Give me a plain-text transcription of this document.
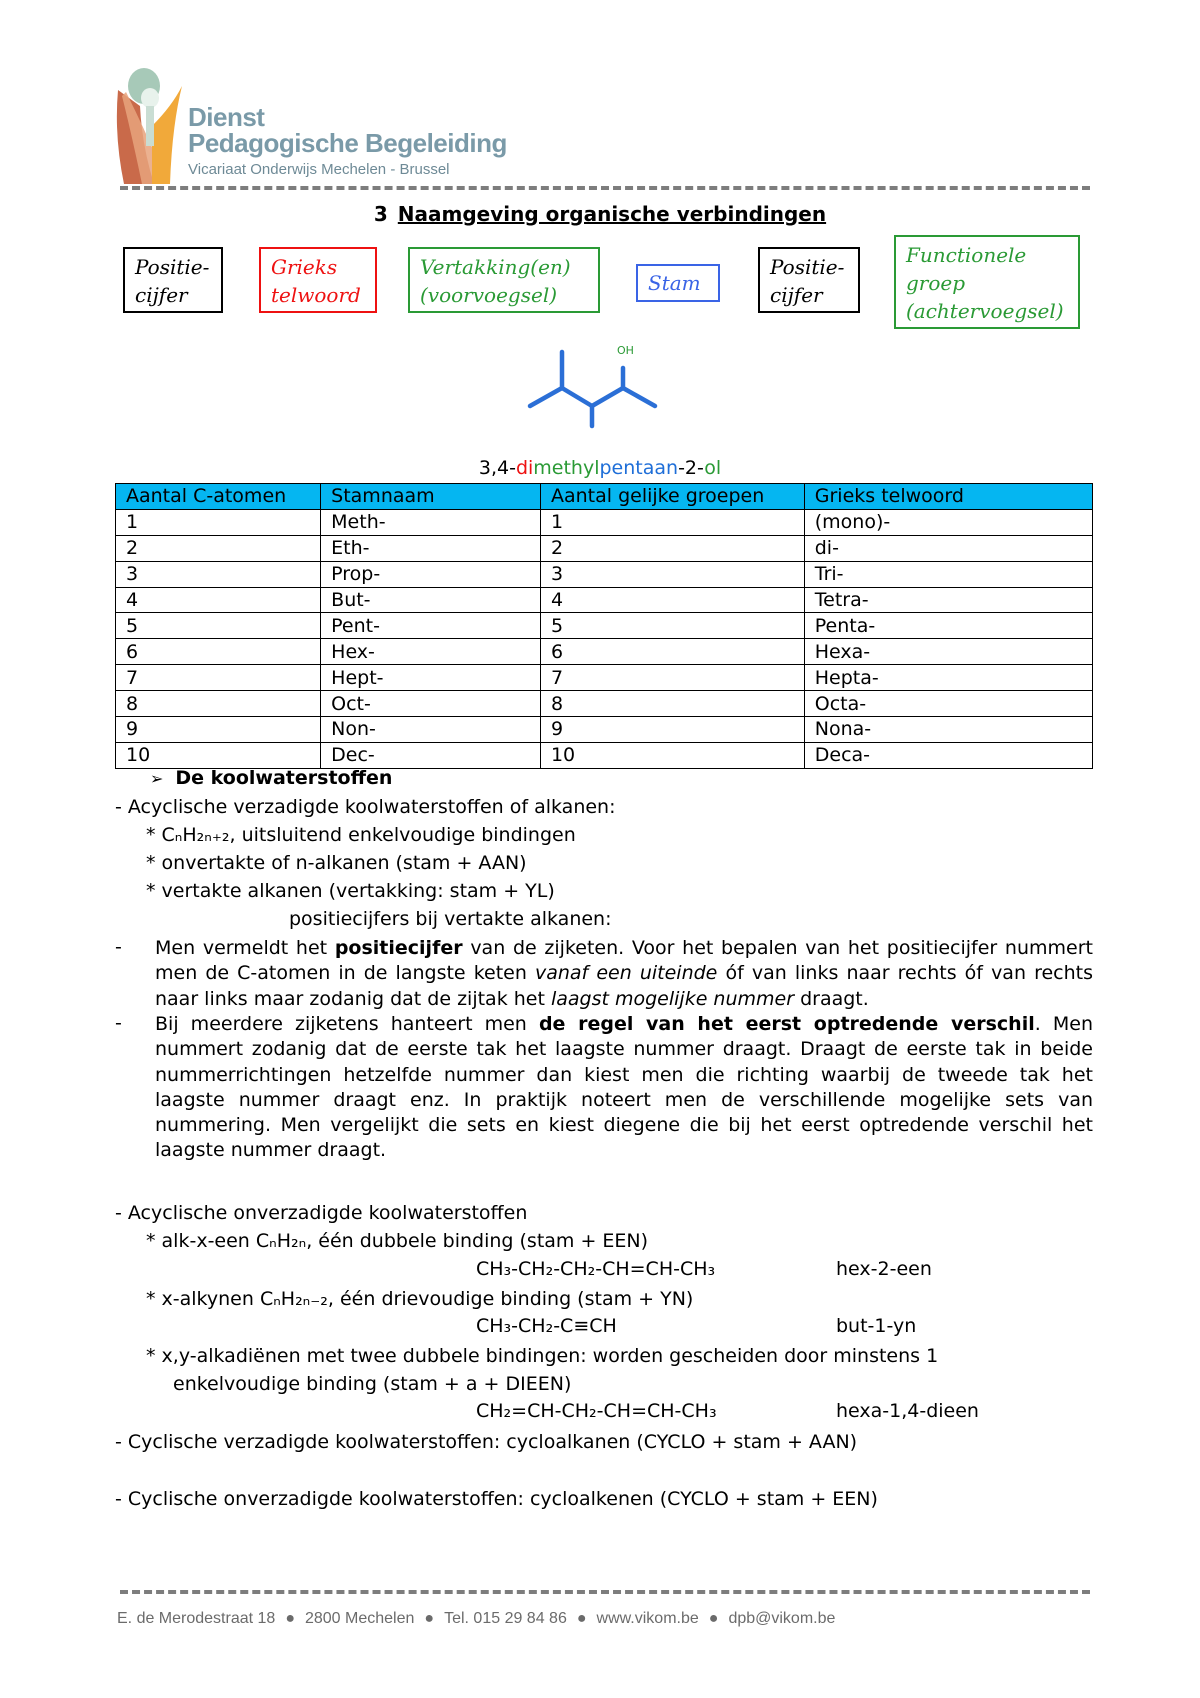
Dienst
Pedagogische Begeleiding
Vicariaat Onderwijs Mechelen - Brussel
3 Naamgeving organische verbindingen
Positie-
cijfer
Grieks
telwoord
Vertakking(en)
(voorvoegsel)	Stam
Positie-
cijfer
Functionele
groep
(achtervoegsel)
OH
3,4-dimethylpentaan-2-ol
Aantal C-atomen	Stamnaam	Aantal gelijke groepen	Grieks telwoord
1	Meth-	1	(mono)-
2	Eth-	2	di-
3	Prop-	3	Tri-
4	But-	4	Tetra-
5	Pent-	5	Penta-
6	Hex-	6	Hexa-
7	Hept-	7	Hepta-
8	Oct-	8	Octa-
9	Non-	9	Nona-
10	Dec-	10	Deca-
➢ De koolwaterstoffen
- Acyclische verzadigde koolwaterstoffen of alkanen:
* CₙH₂ₙ₊₂, uitsluitend enkelvoudige bindingen
* onvertakte of n-alkanen (stam + AAN)
* vertakte alkanen (vertakking: stam + YL)
positiecijfers bij vertakte alkanen:
- Men vermeldt het positiecijfer van de zijketen. Voor het bepalen van het positiecijfer nummert men de C-atomen in de langste keten vanaf een uiteinde óf van links naar rechts óf van rechts naar links maar zodanig dat de zijtak het laagst mogelijke nummer draagt.
- Bij meerdere zijketens hanteert men de regel van het eerst optredende verschil. Men nummert zodanig dat de eerste tak het laagste nummer draagt. Draagt de eerste tak in beide nummerrichtingen hetzelfde nummer dan kiest men die richting waarbij de tweede tak het laagste nummer draagt enz. In praktijk noteert men de verschillende mogelijke sets van nummering. Men vergelijkt die sets en kiest diegene die bij het eerst optredende verschil het laagste nummer draagt.
- Acyclische onverzadigde koolwaterstoffen
* alk-x-een CₙH₂ₙ, één dubbele binding (stam + EEN)
CH₃-CH₂-CH₂-CH=CH-CH₃	hex-2-een
* x-alkynen CₙH₂ₙ₋₂, één drievoudige binding (stam + YN)
CH₃-CH₂-C≡CH	but-1-yn
* x,y-alkadiënen met twee dubbele bindingen: worden gescheiden door minstens 1
enkelvoudige binding (stam + a + DIEEN)
CH₂=CH-CH₂-CH=CH-CH₃	hexa-1,4-dieen
- Cyclische verzadigde koolwaterstoffen: cycloalkanen (CYCLO + stam + AAN)
- Cyclische onverzadigde koolwaterstoffen: cycloalkenen (CYCLO + stam + EEN)
E. de Merodestraat 18 ● 2800 Mechelen ● Tel. 015 29 84 86 ● www.vikom.be ● dpb@vikom.be
